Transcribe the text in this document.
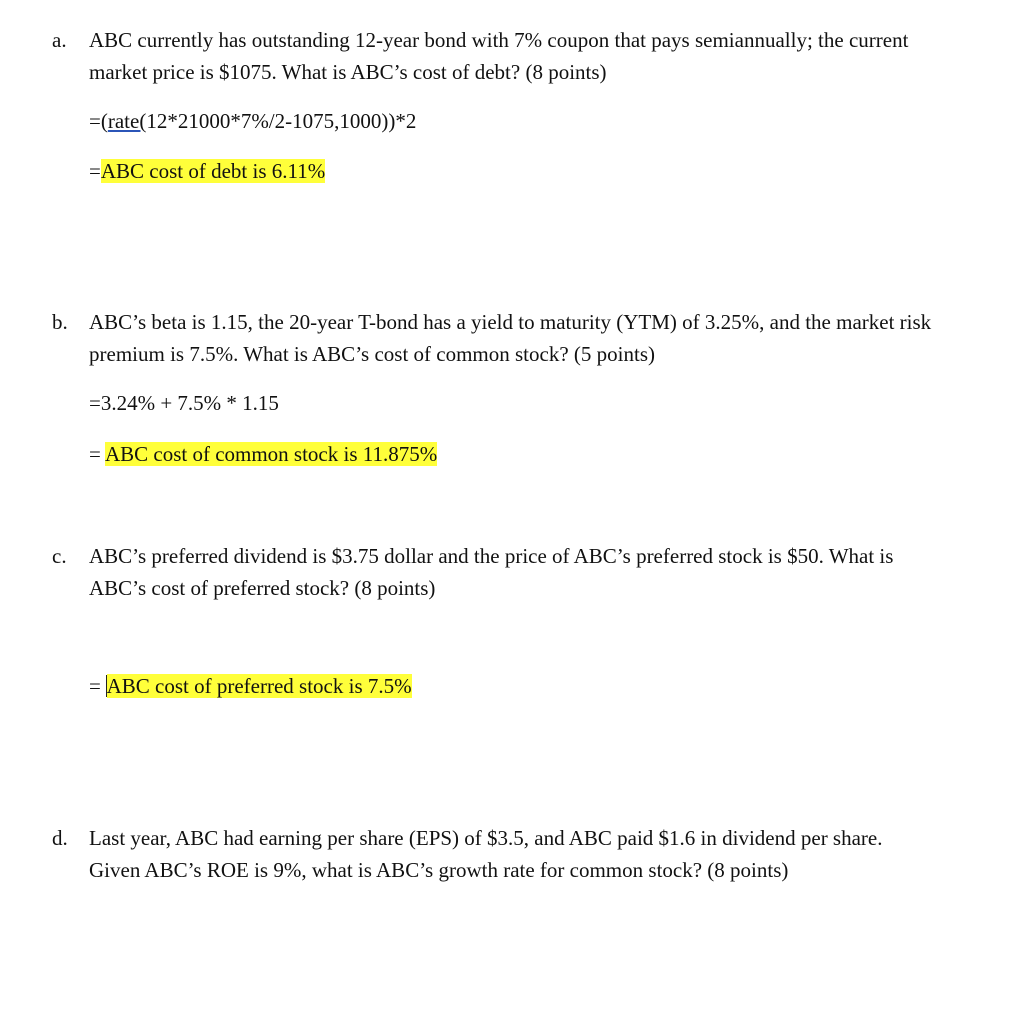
a. ABC currently has outstanding 12-year bond with 7% coupon that pays semiannually; the current market price is $1075. What is ABC’s cost of debt? (8 points)
=(rate(12*21000*7%/2-1075,1000))*2
=ABC cost of debt is 6.11%
b. ABC’s beta is 1.15, the 20-year T-bond has a yield to maturity (YTM) of 3.25%, and the market risk premium is 7.5%. What is ABC’s cost of common stock? (5 points)
=3.24% + 7.5% * 1.15
= ABC cost of common stock is 11.875%
c. ABC’s preferred dividend is $3.75 dollar and the price of ABC’s preferred stock is $50. What is ABC’s cost of preferred stock? (8 points)
= ABC cost of preferred stock is 7.5%
d. Last year, ABC had earning per share (EPS) of $3.5, and ABC paid $1.6 in dividend per share. Given ABC’s ROE is 9%, what is ABC’s growth rate for common stock? (8 points)
